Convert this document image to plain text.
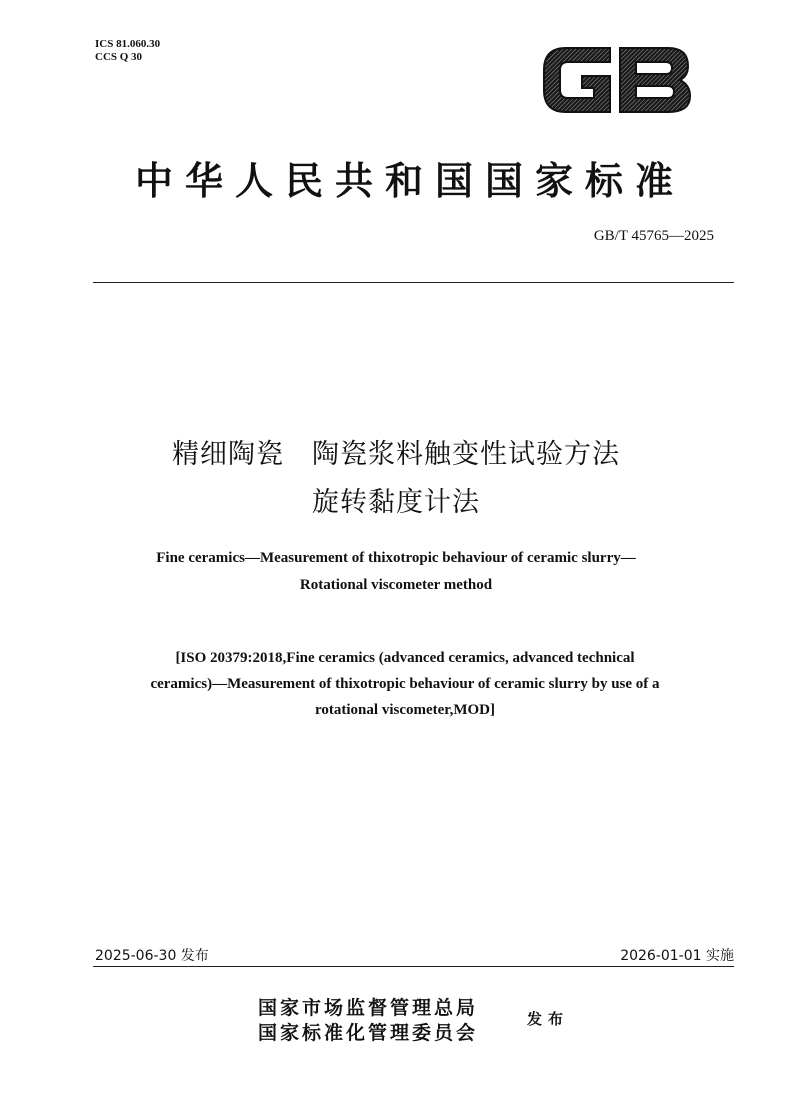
ICS 81.060.30
CCS Q 30
中华人民共和国国家标准
GB/T 45765—2025
精细陶瓷　陶瓷浆料触变性试验方法
旋转黏度计法
Fine ceramics—Measurement of thixotropic behaviour of ceramic slurry—
Rotational viscometer method
[ISO 20379:2018,Fine ceramics (advanced ceramics, advanced technical
ceramics)—Measurement of thixotropic behaviour of ceramic slurry by use of a
rotational viscometer,MOD]
2025-06-30 发布	2026-01-01 实施
国家市场监督管理总局
国家标准化管理委员会
发布
